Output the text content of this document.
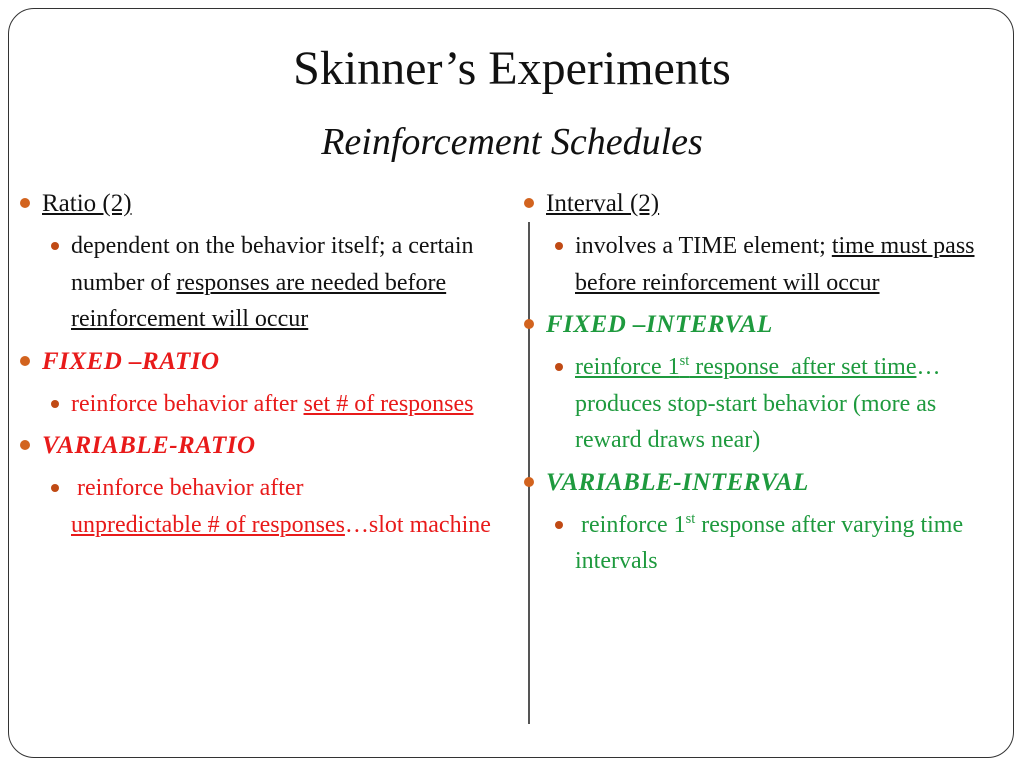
Skinner’s Experiments
Reinforcement Schedules
Ratio (2)
dependent on the behavior itself; a certain number of responses are needed before reinforcement will occur
FIXED –RATIO
reinforce behavior after set # of responses
VARIABLE-RATIO
reinforce behavior after
unpredictable # of responses…slot machine
Interval (2)
involves a TIME element; time must pass before reinforcement will occur
FIXED –INTERVAL
reinforce 1st response  after set time…produces stop-start behavior (more as reward draws near)
VARIABLE-INTERVAL
reinforce 1st response after varying time intervals
